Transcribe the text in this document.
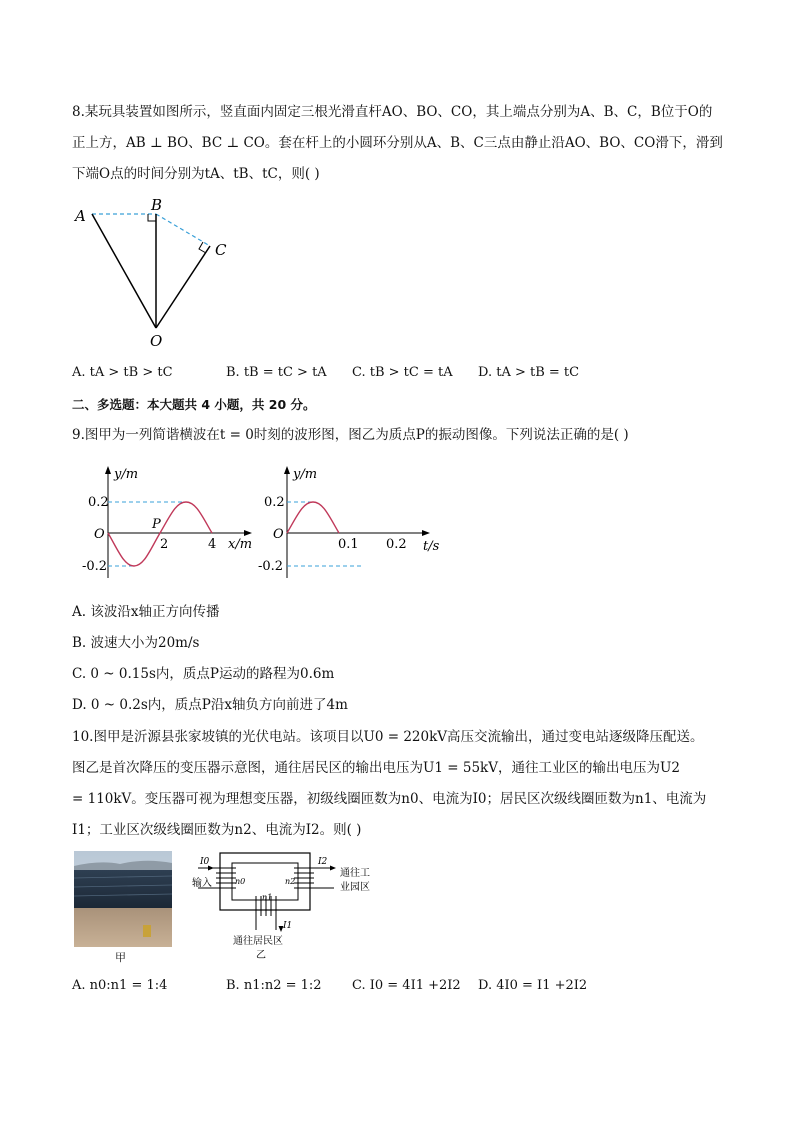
8.某玩具装置如图所示，竖直面内固定三根光滑直杆AO、BO、CO，其上端点分别为A、B、C，B位于O的
正上方，AB ⊥ BO、BC ⊥ CO。套在杆上的小圆环分别从A、B、C三点由静止沿AO、BO、CO滑下，滑到
下端O点的时间分别为tA、tB、tC，则( )
A
B
C
O
A. tA > tB > tC	B. tB = tC > tA C. tB > tC = tA D. tA > tB = tC
二、多选题：本大题共 4 小题，共 20 分。
9.图甲为一列简谐横波在t = 0时刻的波形图，图乙为质点P的振动图像。下列说法正确的是( )
y/m
0.2
-0.2
O
P
2	4 x/m
y/m
0.2
-0.2
O
0.1 0.2 t/s
A. 该波沿x轴正方向传播
B. 波速大小为20m/s
C. 0 ~ 0.15s内，质点P运动的路程为0.6m
D. 0 ~ 0.2s内，质点P沿x轴负方向前进了4m
10.图甲是沂源县张家坡镇的光伏电站。该项目以U0 = 220kV高压交流输出，通过变电站逐级降压配送。
图乙是首次降压的变压器示意图，通往居民区的输出电压为U1 = 55kV，通往工业区的输出电压为U2
= 110kV。变压器可视为理想变压器，初级线圈匝数为n0、电流为I0；居民区次级线圈匝数为n1、电流为
I1；工业区次级线圈匝数为n2、电流为I2。则( )
甲
I0
输入	n0	n2
I2
通往工
业园区
n1
I1
通往居民区
乙
A. n0:n1 = 1:4	B. n1:n2 = 1:2 C. I0 = 4I1 +2I2 D. 4I0 = I1 +2I2
